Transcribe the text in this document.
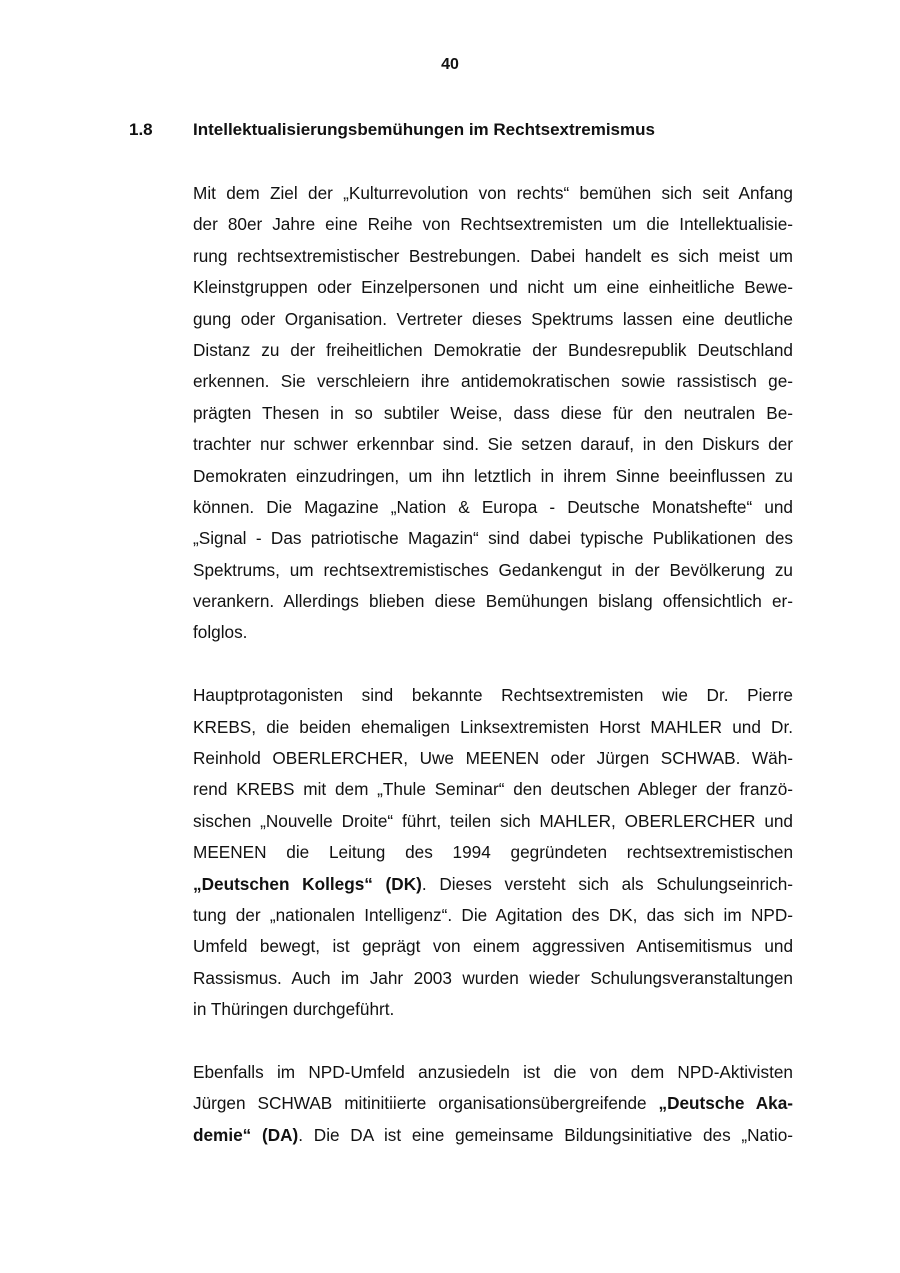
40
1.8 Intellektualisierungsbemühungen im Rechtsextremismus
Mit dem Ziel der „Kulturrevolution von rechts“ bemühen sich seit Anfang
der 80er Jahre eine Reihe von Rechtsextremisten um die Intellektualisie-
rung rechtsextremistischer Bestrebungen. Dabei handelt es sich meist um
Kleinstgruppen oder Einzelpersonen und nicht um eine einheitliche Bewe-
gung oder Organisation. Vertreter dieses Spektrums lassen eine deutliche
Distanz zu der freiheitlichen Demokratie der Bundesrepublik Deutschland
erkennen. Sie verschleiern ihre antidemokratischen sowie rassistisch ge-
prägten Thesen in so subtiler Weise, dass diese für den neutralen Be-
trachter nur schwer erkennbar sind. Sie setzen darauf, in den Diskurs der
Demokraten einzudringen, um ihn letztlich in ihrem Sinne beeinflussen zu
können. Die Magazine „Nation & Europa - Deutsche Monatshefte“ und
„Signal - Das patriotische Magazin“ sind dabei typische Publikationen des
Spektrums, um rechtsextremistisches Gedankengut in der Bevölkerung zu
verankern. Allerdings blieben diese Bemühungen bislang offensichtlich er-
folglos.
Hauptprotagonisten sind bekannte Rechtsextremisten wie Dr. Pierre
KREBS, die beiden ehemaligen Linksextremisten Horst MAHLER und Dr.
Reinhold OBERLERCHER, Uwe MEENEN oder Jürgen SCHWAB. Wäh-
rend KREBS mit dem „Thule Seminar“ den deutschen Ableger der franzö-
sischen „Nouvelle Droite“ führt, teilen sich MAHLER, OBERLERCHER und
MEENEN die Leitung des 1994 gegründeten rechtsextremistischen
„Deutschen Kollegs“ (DK). Dieses versteht sich als Schulungseinrich-
tung der „nationalen Intelligenz“. Die Agitation des DK, das sich im NPD-
Umfeld bewegt, ist geprägt von einem aggressiven Antisemitismus und
Rassismus. Auch im Jahr 2003 wurden wieder Schulungsveranstaltungen
in Thüringen durchgeführt.
Ebenfalls im NPD-Umfeld anzusiedeln ist die von dem NPD-Aktivisten
Jürgen SCHWAB mitinitiierte organisationsübergreifende „Deutsche Aka-
demie“ (DA). Die DA ist eine gemeinsame Bildungsinitiative des „Natio-
